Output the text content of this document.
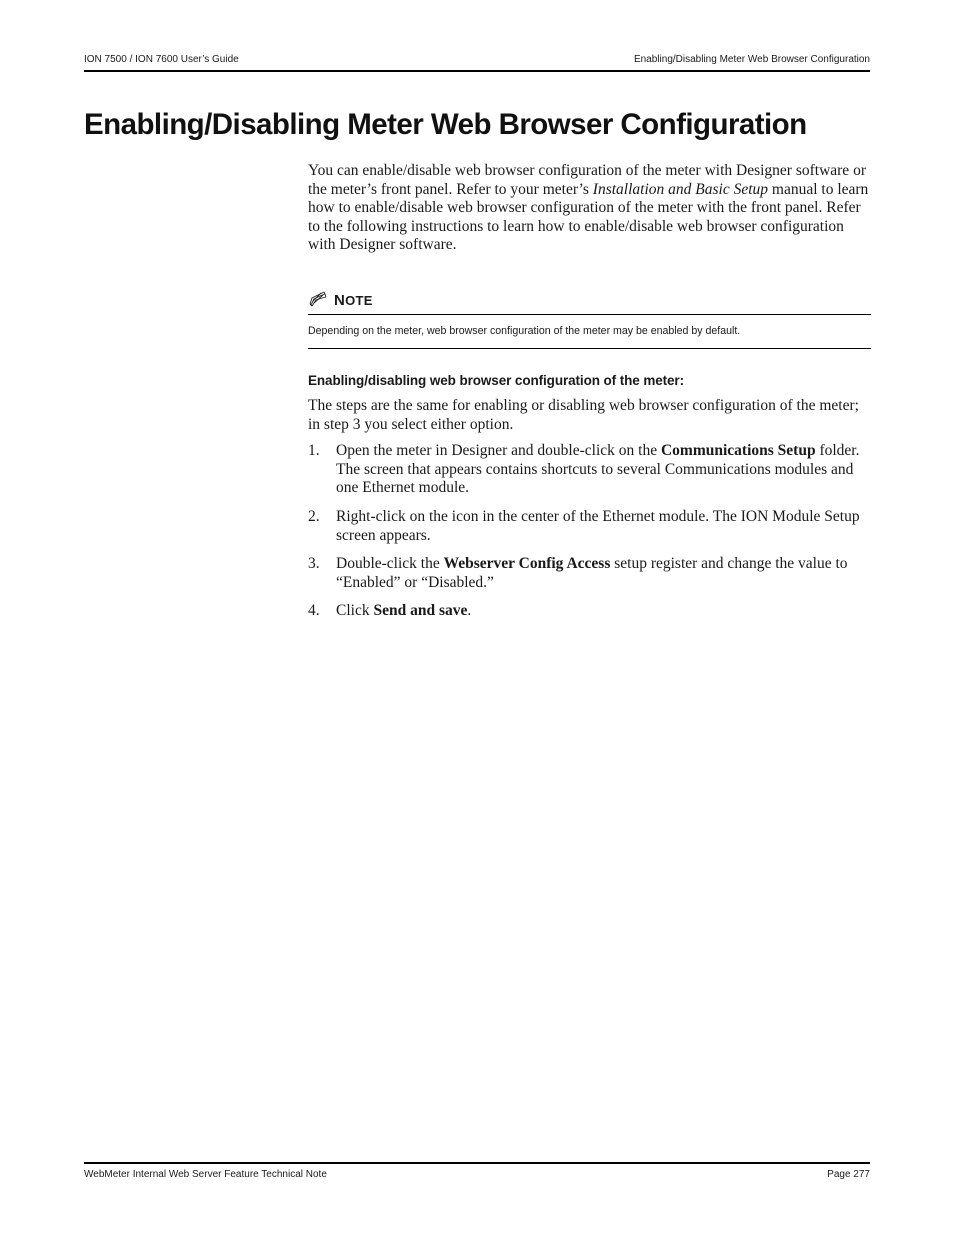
ION 7500 / ION 7600 User’s Guide	Enabling/Disabling Meter Web Browser Configuration
Enabling/Disabling Meter Web Browser Configuration

You can enable/disable web browser configuration of the meter with Designer software or the meter’s front panel. Refer to your meter’s Installation and Basic Setup manual to learn how to enable/disable web browser configuration of the meter with the front panel. Refer to the following instructions to learn how to enable/disable web browser configuration with Designer software.

NOTE

Depending on the meter, web browser configuration of the meter may be enabled by default.

Enabling/disabling web browser configuration of the meter:

The steps are the same for enabling or disabling web browser configuration of the meter; in step 3 you select either option.

1.	Open the meter in Designer and double-click on the Communications Setup folder. The screen that appears contains shortcuts to several Communications modules and one Ethernet module.
2.	Right-click on the icon in the center of the Ethernet module. The ION Module Setup screen appears.
3.	Double-click the Webserver Config Access setup register and change the value to “Enabled” or “Disabled.”
4.	Click Send and save.
WebMeter Internal Web Server Feature Technical Note	Page 277
